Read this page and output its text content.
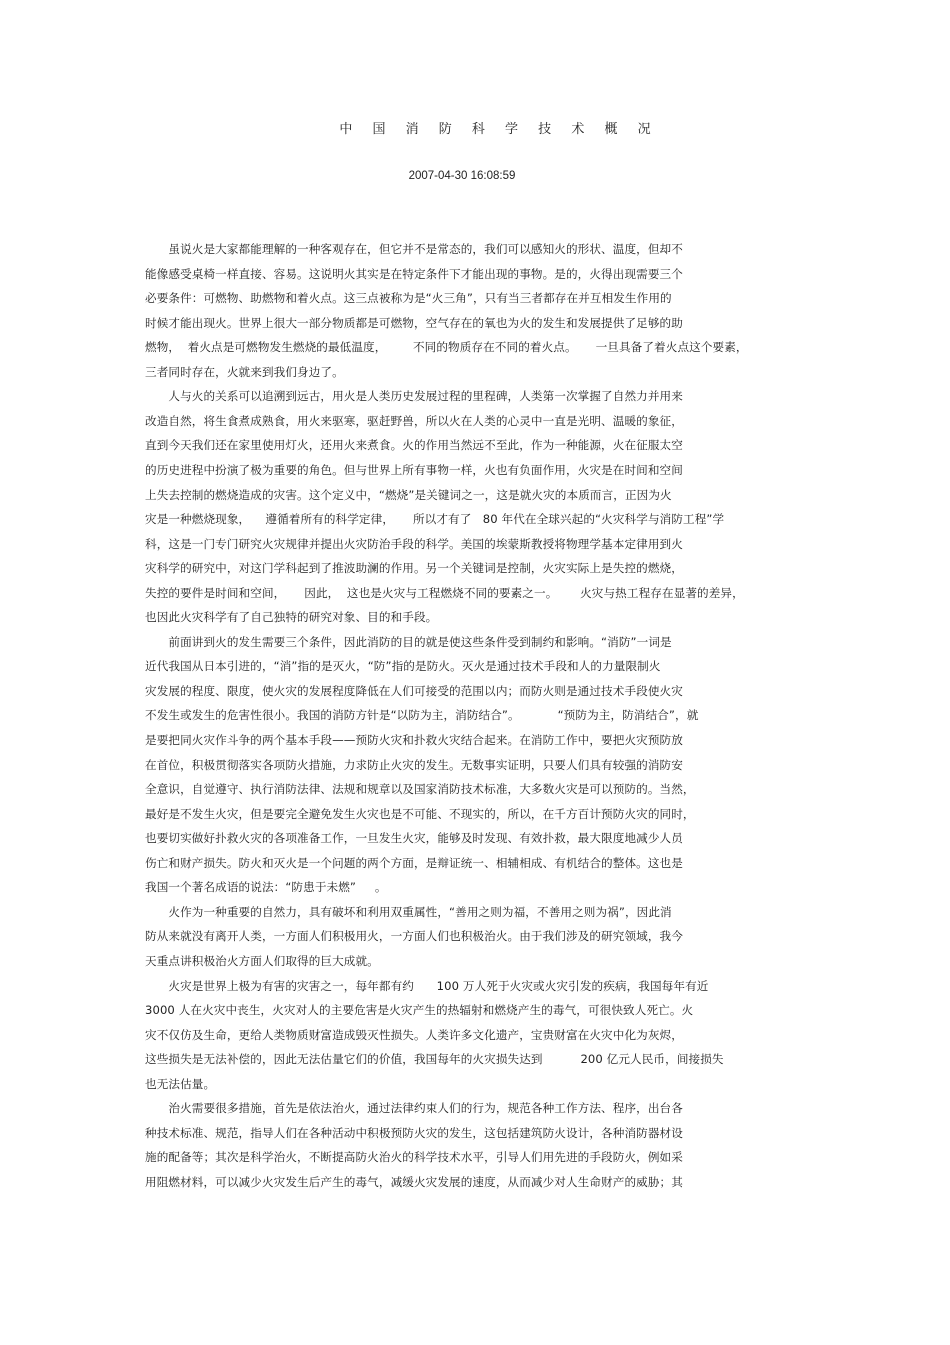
中 国 消 防 科 学 技 术 概 况
2007-04-30 16:08:59
　　虽说火是大家都能理解的一种客观存在，但它并不是常态的，我们可以感知火的形状、温度，但却不
能像感受桌椅一样直接、容易。这说明火其实是在特定条件下才能出现的事物。是的，火得出现需要三个
必要条件：可燃物、助燃物和着火点。这三点被称为是“火三角”，只有当三者都存在并互相发生作用的
时候才能出现火。世界上很大一部分物质都是可燃物，空气存在的氧也为火的发生和发展提供了足够的助
燃物，  着火点是可燃物发生燃烧的最低温度，       不同的物质存在不同的着火点。     一旦具备了着火点这个要素，
三者同时存在，火就来到我们身边了。
　　人与火的关系可以追溯到远古，用火是人类历史发展过程的里程碑，人类第一次掌握了自然力并用来
改造自然，将生食煮成熟食，用火来驱寒，驱赶野兽，所以火在人类的心灵中一直是光明、温暖的象征，
直到今天我们还在家里使用灯火，还用火来煮食。火的作用当然远不至此，作为一种能源，火在征服太空
的历史进程中扮演了极为重要的角色。但与世界上所有事物一样，火也有负面作用，火灾是在时间和空间
上失去控制的燃烧造成的灾害。这个定义中，“燃烧”是关键词之一，这是就火灾的本质而言，正因为火
灾是一种燃烧现象，    遵循着所有的科学定律，     所以才有了   80 年代在全球兴起的“火灾科学与消防工程”学
科，这是一门专门研究火灾规律并提出火灾防治手段的科学。美国的埃蒙斯教授将物理学基本定律用到火
灾科学的研究中，对这门学科起到了推波助澜的作用。另一个关键词是控制，火灾实际上是失控的燃烧，
失控的要件是时间和空间，     因此，  这也是火灾与工程燃烧不同的要素之一。      火灾与热工程存在显著的差异，
也因此火灾科学有了自己独特的研究对象、目的和手段。
　　前面讲到火的发生需要三个条件，因此消防的目的就是使这些条件受到制约和影响。“消防”一词是
近代我国从日本引进的，“消”指的是灭火，“防”指的是防火。灭火是通过技术手段和人的力量限制火
灾发展的程度、限度，使火灾的发展程度降低在人们可接受的范围以内；而防火则是通过技术手段使火灾
不发生或发生的危害性很小。我国的消防方针是“以防为主，消防结合”。          “预防为主，防消结合”，就
是要把同火灾作斗争的两个基本手段——预防火灾和扑救火灾结合起来。在消防工作中，要把火灾预防放
在首位，积极贯彻落实各项防火措施，力求防止火灾的发生。无数事实证明，只要人们具有较强的消防安
全意识，自觉遵守、执行消防法律、法规和规章以及国家消防技术标准，大多数火灾是可以预防的。当然，
最好是不发生火灾，但是要完全避免发生火灾也是不可能、不现实的，所以，在千方百计预防火灾的同时，
也要切实做好扑救火灾的各项准备工作，一旦发生火灾，能够及时发现、有效扑救，最大限度地减少人员
伤亡和财产损失。防火和灭火是一个问题的两个方面，是辩证统一、相辅相成、有机结合的整体。这也是
我国一个著名成语的说法：“防患于未燃”     。
　　火作为一种重要的自然力，具有破坏和利用双重属性，“善用之则为福，不善用之则为祸”，因此消
防从来就没有离开人类，一方面人们积极用火，一方面人们也积极治火。由于我们涉及的研究领域，我今
天重点讲积极治火方面人们取得的巨大成就。
　　火灾是世界上极为有害的灾害之一，每年都有约      100 万人死于火灾或火灾引发的疾病，我国每年有近
3000 人在火灾中丧生，火灾对人的主要危害是火灾产生的热辐射和燃烧产生的毒气，可很快致人死亡。火
灾不仅仿及生命，更给人类物质财富造成毁灭性损失。人类许多文化遗产，宝贵财富在火灾中化为灰烬，
这些损失是无法补偿的，因此无法估量它们的价值，我国每年的火灾损失达到          200 亿元人民币，间接损失
也无法估量。
　　治火需要很多措施，首先是依法治火，通过法律约束人们的行为，规范各种工作方法、程序，出台各
种技术标准、规范，指导人们在各种活动中积极预防火灾的发生，这包括建筑防火设计，各种消防器材设
施的配备等；其次是科学治火，不断提高防火治火的科学技术水平，引导人们用先进的手段防火，例如采
用阻燃材料，可以减少火灾发生后产生的毒气，减缓火灾发展的速度，从而减少对人生命财产的威胁；其
